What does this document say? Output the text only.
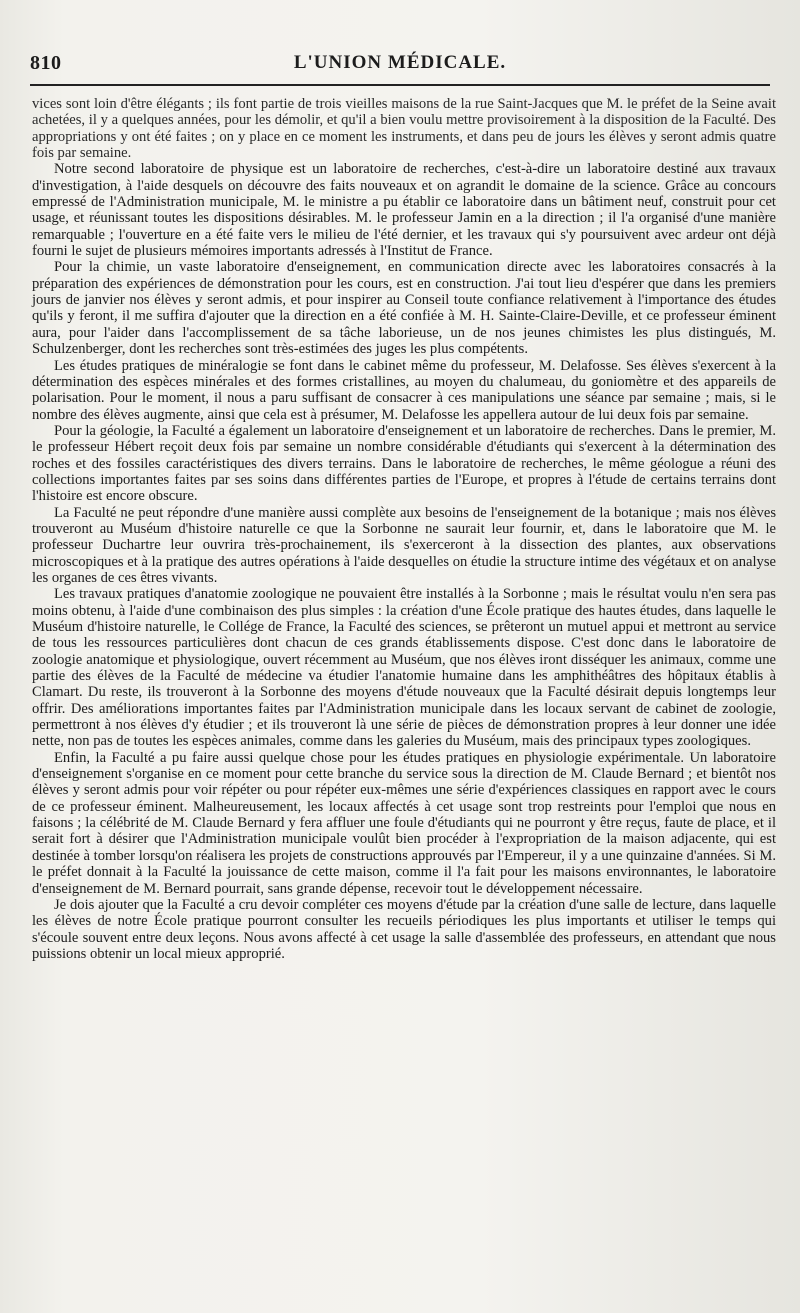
810	L'UNION MÉDICALE.

vices sont loin d'être élégants ; ils font partie de trois vieilles maisons de la rue Saint-Jacques que M. le préfet de la Seine avait achetées, il y a quelques années, pour les démolir, et qu'il a bien voulu mettre provisoirement à la disposition de la Faculté. Des appropriations y ont été faites ; on y place en ce moment les instruments, et dans peu de jours les élèves y seront admis quatre fois par semaine.

Notre second laboratoire de physique est un laboratoire de recherches, c'est-à-dire un laboratoire destiné aux travaux d'investigation, à l'aide desquels on découvre des faits nouveaux et on agrandit le domaine de la science. Grâce au concours empressé de l'Administration municipale, M. le ministre a pu établir ce laboratoire dans un bâtiment neuf, construit pour cet usage, et réunissant toutes les dispositions désirables. M. le professeur Jamin en a la direction ; il l'a organisé d'une manière remarquable ; l'ouverture en a été faite vers le milieu de l'été dernier, et les travaux qui s'y poursuivent avec ardeur ont déjà fourni le sujet de plusieurs mémoires importants adressés à l'Institut de France.

Pour la chimie, un vaste laboratoire d'enseignement, en communication directe avec les laboratoires consacrés à la préparation des expériences de démonstration pour les cours, est en construction. J'ai tout lieu d'espérer que dans les premiers jours de janvier nos élèves y seront admis, et pour inspirer au Conseil toute confiance relativement à l'importance des études qu'ils y feront, il me suffira d'ajouter que la direction en a été confiée à M. H. Sainte-Claire-Deville, et ce professeur éminent aura, pour l'aider dans l'accomplissement de sa tâche laborieuse, un de nos jeunes chimistes les plus distingués, M. Schulzenberger, dont les recherches sont très-estimées des juges les plus compétents.

Les études pratiques de minéralogie se font dans le cabinet même du professeur, M. Delafosse. Ses élèves s'exercent à la détermination des espèces minérales et des formes cristallines, au moyen du chalumeau, du goniomètre et des appareils de polarisation. Pour le moment, il nous a paru suffisant de consacrer à ces manipulations une séance par semaine ; mais, si le nombre des élèves augmente, ainsi que cela est à présumer, M. Delafosse les appellera autour de lui deux fois par semaine.

Pour la géologie, la Faculté a également un laboratoire d'enseignement et un laboratoire de recherches. Dans le premier, M. le professeur Hébert reçoit deux fois par semaine un nombre considérable d'étudiants qui s'exercent à la détermination des roches et des fossiles caractéristiques des divers terrains. Dans le laboratoire de recherches, le même géologue a réuni des collections importantes faites par ses soins dans différentes parties de l'Europe, et propres à l'étude de certains terrains dont l'histoire est encore obscure.

La Faculté ne peut répondre d'une manière aussi complète aux besoins de l'enseignement de la botanique ; mais nos élèves trouveront au Muséum d'histoire naturelle ce que la Sorbonne ne saurait leur fournir, et, dans le laboratoire que M. le professeur Duchartre leur ouvrira très-prochainement, ils s'exerceront à la dissection des plantes, aux observations microscopiques et à la pratique des autres opérations à l'aide desquelles on étudie la structure intime des végétaux et on analyse les organes de ces êtres vivants.

Les travaux pratiques d'anatomie zoologique ne pouvaient être installés à la Sorbonne ; mais le résultat voulu n'en sera pas moins obtenu, à l'aide d'une combinaison des plus simples : la création d'une École pratique des hautes études, dans laquelle le Muséum d'histoire naturelle, le Collége de France, la Faculté des sciences, se prêteront un mutuel appui et mettront au service de tous les ressources particulières dont chacun de ces grands établissements dispose. C'est donc dans le laboratoire de zoologie anatomique et physiologique, ouvert récemment au Muséum, que nos élèves iront disséquer les animaux, comme une partie des élèves de la Faculté de médecine va étudier l'anatomie humaine dans les amphithéâtres des hôpitaux établis à Clamart. Du reste, ils trouveront à la Sorbonne des moyens d'étude nouveaux que la Faculté désirait depuis longtemps leur offrir. Des améliorations importantes faites par l'Administration municipale dans les locaux servant de cabinet de zoologie, permettront à nos élèves d'y étudier ; et ils trouveront là une série de pièces de démonstration propres à leur donner une idée nette, non pas de toutes les espèces animales, comme dans les galeries du Muséum, mais des principaux types zoologiques.

Enfin, la Faculté a pu faire aussi quelque chose pour les études pratiques en physiologie expérimentale. Un laboratoire d'enseignement s'organise en ce moment pour cette branche du service sous la direction de M. Claude Bernard ; et bientôt nos élèves y seront admis pour voir répéter ou pour répéter eux-mêmes une série d'expériences classiques en rapport avec le cours de ce professeur éminent. Malheureusement, les locaux affectés à cet usage sont trop restreints pour l'emploi que nous en faisons ; la célébrité de M. Claude Bernard y fera affluer une foule d'étudiants qui ne pourront y être reçus, faute de place, et il serait fort à désirer que l'Administration municipale voulût bien procéder à l'expropriation de la maison adjacente, qui est destinée à tomber lorsqu'on réalisera les projets de constructions approuvés par l'Empereur, il y a une quinzaine d'années. Si M. le préfet donnait à la Faculté la jouissance de cette maison, comme il l'a fait pour les maisons environnantes, le laboratoire d'enseignement de M. Bernard pourrait, sans grande dépense, recevoir tout le développement nécessaire.

Je dois ajouter que la Faculté a cru devoir compléter ces moyens d'étude par la création d'une salle de lecture, dans laquelle les élèves de notre École pratique pourront consulter les recueils périodiques les plus importants et utiliser le temps qui s'écoule souvent entre deux leçons. Nous avons affecté à cet usage la salle d'assemblée des professeurs, en attendant que nous puissions obtenir un local mieux approprié.
